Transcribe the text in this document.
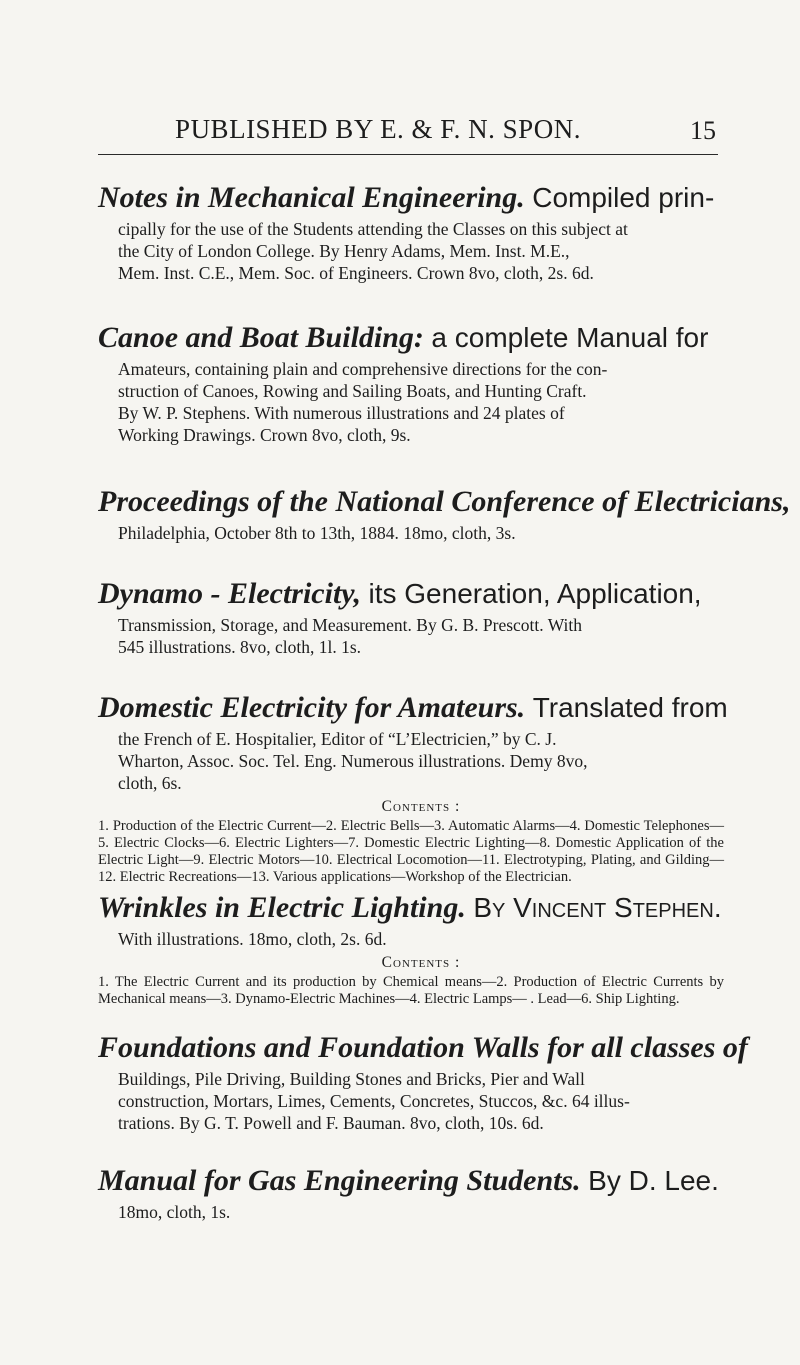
PUBLISHED BY E. & F. N. SPON.	15

Notes in Mechanical Engineering. Compiled prin-

cipally for the use of the Students attending the Classes on this subject at

the City of London College. By Henry Adams, Mem. Inst. M.E.,

Mem. Inst. C.E., Mem. Soc. of Engineers. Crown 8vo, cloth, 2s. 6d.

Canoe and Boat Building: a complete Manual for

Amateurs, containing plain and comprehensive directions for the con-

struction of Canoes, Rowing and Sailing Boats, and Hunting Craft.

By W. P. Stephens. With numerous illustrations and 24 plates of

Working Drawings. Crown 8vo, cloth, 9s.

Proceedings of the National Conference of Electricians,

Philadelphia, October 8th to 13th, 1884. 18mo, cloth, 3s.

Dynamo - Electricity, its Generation, Application,

Transmission, Storage, and Measurement. By G. B. Prescott. With

545 illustrations. 8vo, cloth, 1l. 1s.

Domestic Electricity for Amateurs. Translated from

the French of E. Hospitalier, Editor of “L’Electricien,” by C. J.

Wharton, Assoc. Soc. Tel. Eng. Numerous illustrations. Demy 8vo,

cloth, 6s.

Contents :

1. Production of the Electric Current—2. Electric Bells—3. Automatic Alarms—4. Domestic Telephones—5. Electric Clocks—6. Electric Lighters—7. Domestic Electric Lighting—8. Domestic Application of the Electric Light—9. Electric Motors—10. Electrical Locomotion—11. Electrotyping, Plating, and Gilding—12. Electric Recreations—13. Various applications—Workshop of the Electrician.

Wrinkles in Electric Lighting. By Vincent Stephen.

With illustrations. 18mo, cloth, 2s. 6d.

Contents :

1. The Electric Current and its production by Chemical means—2. Production of Electric Currents by Mechanical means—3. Dynamo-Electric Machines—4. Electric Lamps— . Lead—6. Ship Lighting.

Foundations and Foundation Walls for all classes of

Buildings, Pile Driving, Building Stones and Bricks, Pier and Wall

construction, Mortars, Limes, Cements, Concretes, Stuccos, &c. 64 illus-

trations. By G. T. Powell and F. Bauman. 8vo, cloth, 10s. 6d.

Manual for Gas Engineering Students. By D. Lee.

18mo, cloth, 1s.
